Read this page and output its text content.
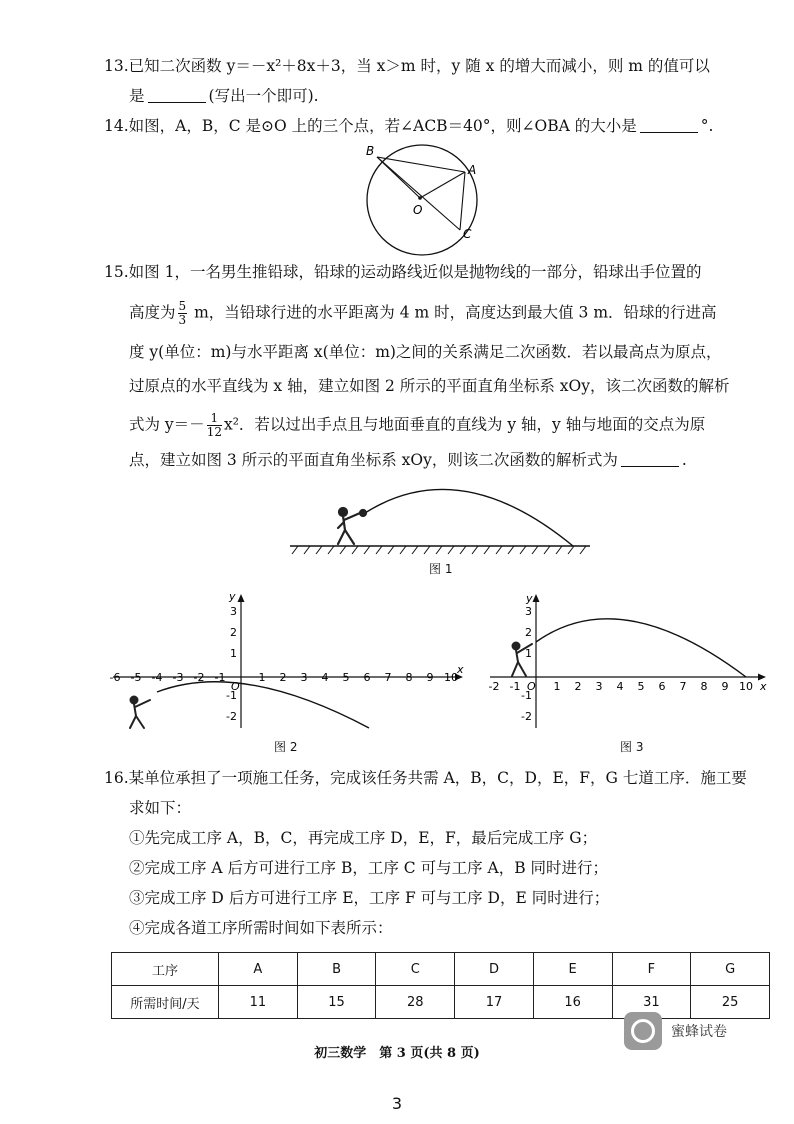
13.已知二次函数 y＝－x²＋8x＋3，当 x＞m 时，y 随 x 的增大而减小，则 m 的值可以
是	(写出一个即可).
14.如图，A，B，C 是⊙O 上的三个点，若∠ACB＝40°，则∠OBA 的大小是	°.
B
A
C
O
15.如图 1，一名男生推铅球，铅球的运动路线近似是抛物线的一部分，铅球出手位置的
高度为 $\frac{5}{3}$ m，当铅球行进的水平距离为 4 m 时，高度达到最大值 3 m．铅球的行进高
度 y(单位：m)与水平距离 x(单位：m)之间的关系满足二次函数．若以最高点为原点，
过原点的水平直线为 x 轴，建立如图 2 所示的平面直角坐标系 xOy，该二次函数的解析
式为 $y=- \frac{1}{12} x^2$．若以过出手点且与地面垂直的直线为 y 轴，y 轴与地面的交点为原
点，建立如图 3 所示的平面直角坐标系 xOy，则该二次函数的解析式为	.
图 1
x
y
O
-6 -5 -4 -3 -2 -1	1 2 3 4 5 6 7 8 9 10
3
2
1
-1
-2
图 2
x
y
O
-2 -1	1 2 3 4 5 6 7 8 9 10
3
2
1
-1
-2
图 3
16.某单位承担了一项施工任务，完成该任务共需 A，B，C，D，E，F，G 七道工序．施工要
求如下：
①先完成工序 A，B，C，再完成工序 D，E，F，最后完成工序 G；
②完成工序 A 后方可进行工序 B，工序 C 可与工序 A，B 同时进行；
③完成工序 D 后方可进行工序 E，工序 F 可与工序 D，E 同时进行；
④完成各道工序所需时间如下表所示：
工序	A	B	C	D	E	F	G
所需时间/天	11	15	28	17	16	31	25
蜜蜂试卷
初三数学　第 3 页(共 8 页)
3
